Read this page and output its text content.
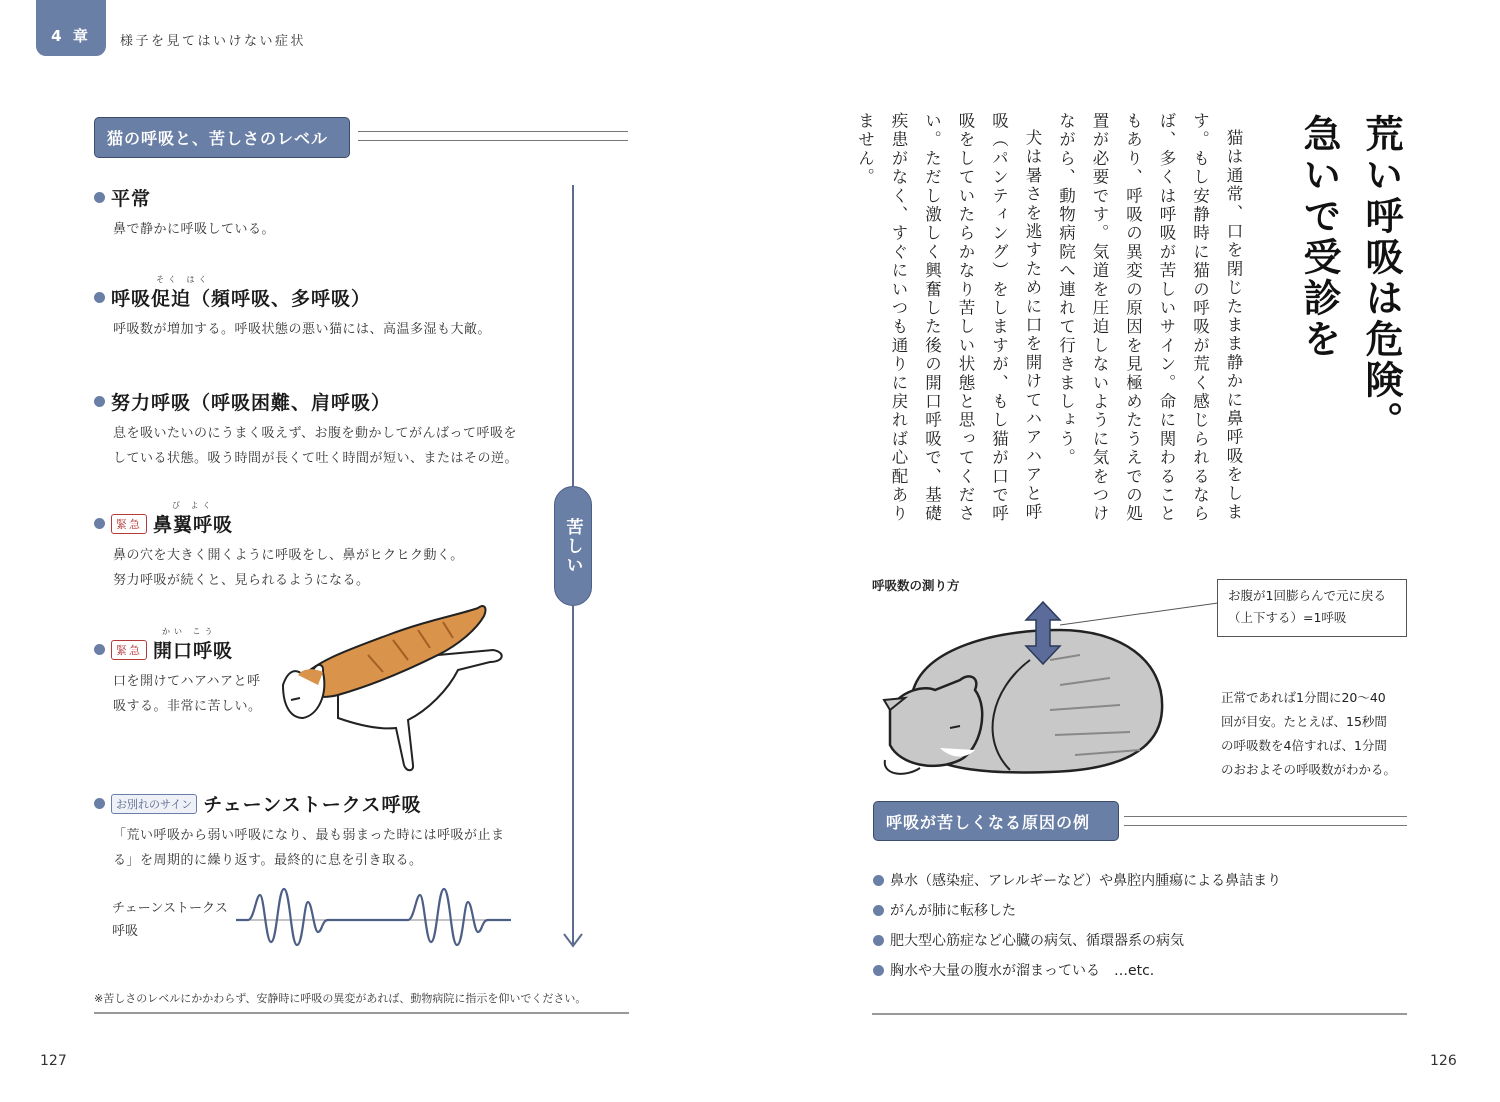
4 章	様子を見てはいけない症状
猫の呼吸と、苦しさのレベル
苦しい
平常
鼻で静かに呼吸している。
そく はく
呼吸促迫（頻呼吸、多呼吸）
呼吸数が増加する。呼吸状態の悪い猫には、高温多湿も大敵。
努力呼吸（呼吸困難、肩呼吸）
息を吸いたいのにうまく吸えず、お腹を動かしてがんばって呼吸を
している状態。吸う時間が長くて吐く時間が短い、またはその逆。
び よく
緊急 鼻翼呼吸
鼻の穴を大きく開くように呼吸をし、鼻がヒクヒク動く。
努力呼吸が続くと、見られるようになる。
かい こう
緊急 開口呼吸
口を開けてハアハアと呼
吸する。非常に苦しい。
お別れのサイン チェーンストークス呼吸
「荒い呼吸から弱い呼吸になり、最も弱まった時には呼吸が止ま
る」を周期的に繰り返す。最終的に息を引き取る。
チェーンストークス
呼吸
※苦しさのレベルにかかわらず、安静時に呼吸の異変があれば、動物病院に指示を仰いでください。
127
荒い呼吸は危険。
急いで受診を

猫は通常、口を閉じたまま静かに鼻呼吸をします。もし安静時に猫の呼吸が荒く感じられるならば、多くは呼吸が苦しいサイン。命に関わることもあり、呼吸の異変の原因を見極めたうえでの処置が必要です。気道を圧迫しないように気をつけながら、動物病院へ連れて行きましょう。

犬は暑さを逃すために口を開けてハアハアと呼吸（パンティング）をしますが、もし猫が口で呼吸をしていたらかなり苦しい状態と思ってください。ただし激しく興奮した後の開口呼吸で、基礎疾患がなく、すぐにいつも通りに戻れば心配ありません。

呼吸数の測り方
お腹が1回膨らんで元に戻る
（上下する）=1呼吸
正常であれば1分間に20〜40
回が目安。たとえば、15秒間
の呼吸数を4倍すれば、1分間
のおおよその呼吸数がわかる。
呼吸が苦しくなる原因の例
鼻水（感染症、アレルギーなど）や鼻腔内腫瘍による鼻詰まり
がんが肺に転移した
肥大型心筋症など心臓の病気、循環器系の病気
胸水や大量の腹水が溜まっている　…etc.
126
